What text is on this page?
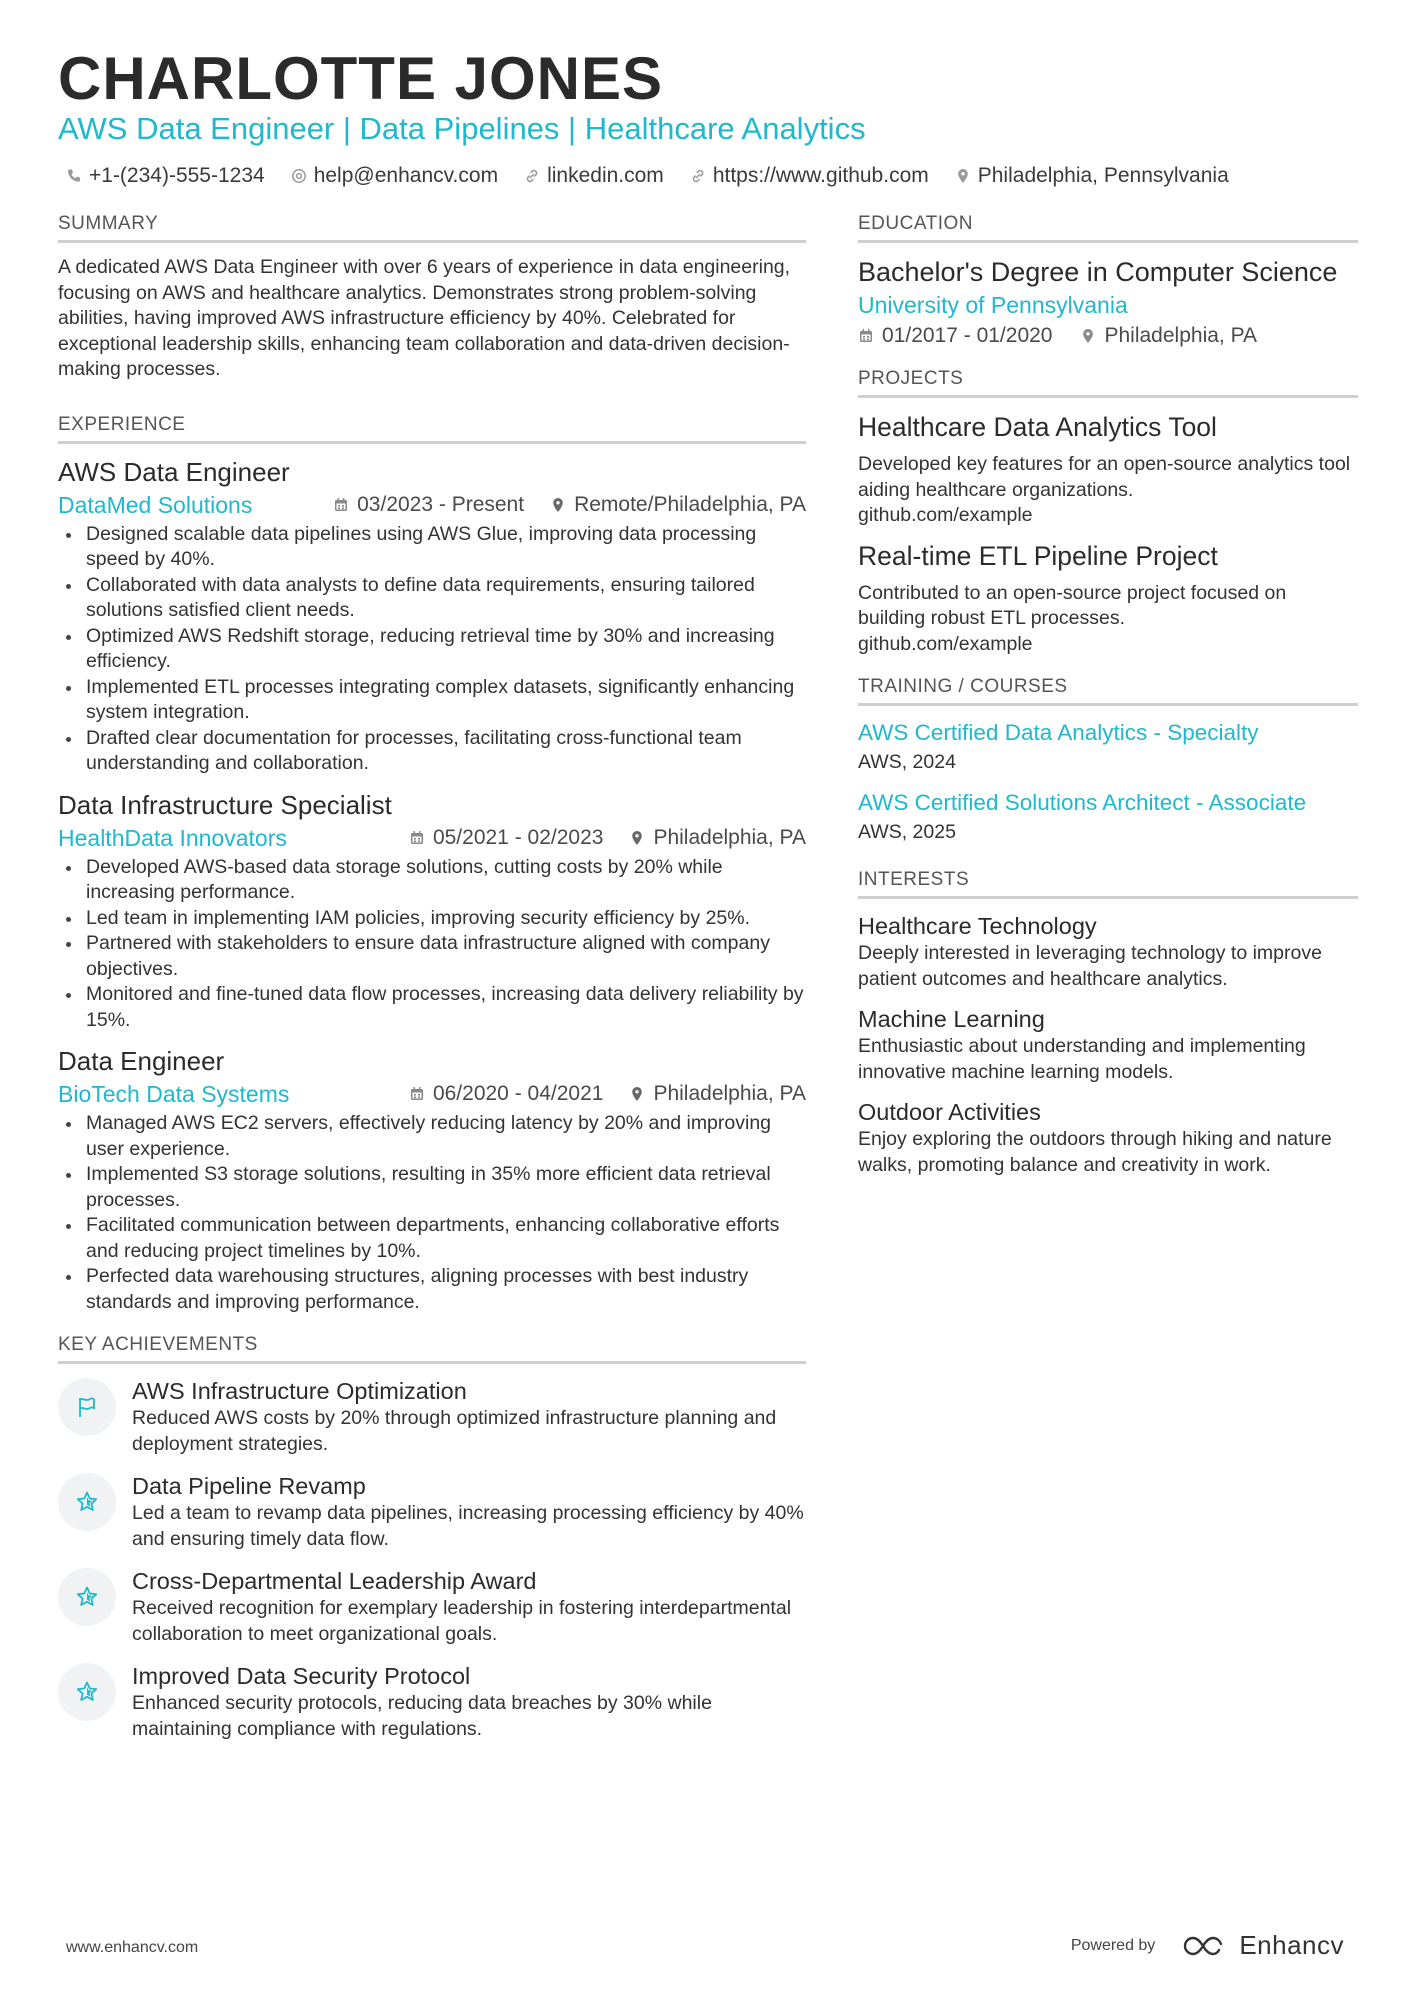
CHARLOTTE JONES
AWS Data Engineer | Data Pipelines | Healthcare Analytics
+1-(234)-555-1234 help@enhancv.com linkedin.com https://www.github.com Philadelphia, Pennsylvania
SUMMARY

A dedicated AWS Data Engineer with over 6 years of experience in data engineering, focusing on AWS and healthcare analytics. Demonstrates strong problem-solving abilities, having improved AWS infrastructure efficiency by 40%. Celebrated for exceptional leadership skills, enhancing team collaboration and data-driven decision-making processes.

EXPERIENCE
AWS Data Engineer
DataMed Solutions	03/2023 - Present Remote/Philadelphia, PA
Designed scalable data pipelines using AWS Glue, improving data processing speed by 40%.
Collaborated with data analysts to define data requirements, ensuring tailored solutions satisfied client needs.
Optimized AWS Redshift storage, reducing retrieval time by 30% and increasing efficiency.
Implemented ETL processes integrating complex datasets, significantly enhancing system integration.
Drafted clear documentation for processes, facilitating cross-functional team understanding and collaboration.
Data Infrastructure Specialist
HealthData Innovators	05/2021 - 02/2023 Philadelphia, PA
Developed AWS-based data storage solutions, cutting costs by 20% while increasing performance.
Led team in implementing IAM policies, improving security efficiency by 25%.
Partnered with stakeholders to ensure data infrastructure aligned with company objectives.
Monitored and fine-tuned data flow processes, increasing data delivery reliability by 15%.
Data Engineer
BioTech Data Systems	06/2020 - 04/2021 Philadelphia, PA
Managed AWS EC2 servers, effectively reducing latency by 20% and improving user experience.
Implemented S3 storage solutions, resulting in 35% more efficient data retrieval processes.
Facilitated communication between departments, enhancing collaborative efforts and reducing project timelines by 10%.
Perfected data warehousing structures, aligning processes with best industry standards and improving performance.
KEY ACHIEVEMENTS
AWS Infrastructure Optimization
Reduced AWS costs by 20% through optimized infrastructure planning and deployment strategies.
Data Pipeline Revamp
Led a team to revamp data pipelines, increasing processing efficiency by 40% and ensuring timely data flow.
Cross-Departmental Leadership Award
Received recognition for exemplary leadership in fostering interdepartmental collaboration to meet organizational goals.
Improved Data Security Protocol
Enhanced security protocols, reducing data breaches by 30% while maintaining compliance with regulations.
EDUCATION
Bachelor's Degree in Computer Science
University of Pennsylvania
01/2017 - 01/2020 Philadelphia, PA
PROJECTS
Healthcare Data Analytics Tool
Developed key features for an open-source analytics tool aiding healthcare organizations.
github.com/example
Real-time ETL Pipeline Project
Contributed to an open-source project focused on building robust ETL processes.
github.com/example
TRAINING / COURSES
AWS Certified Data Analytics - Specialty
AWS, 2024
AWS Certified Solutions Architect - Associate
AWS, 2025
INTERESTS
Healthcare Technology
Deeply interested in leveraging technology to improve patient outcomes and healthcare analytics.
Machine Learning
Enthusiastic about understanding and implementing innovative machine learning models.
Outdoor Activities
Enjoy exploring the outdoors through hiking and nature walks, promoting balance and creativity in work.
www.enhancv.com	Powered by	Enhancv
